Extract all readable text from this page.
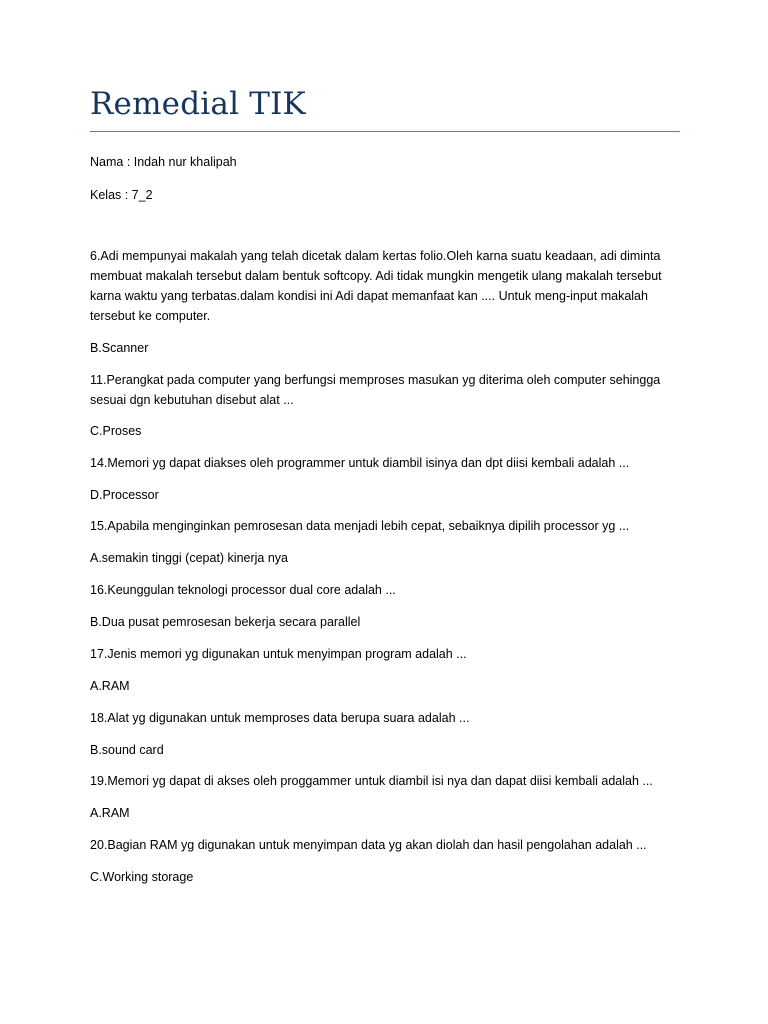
Remedial TIK

Nama : Indah nur khalipah

Kelas : 7_2

6.Adi mempunyai makalah yang telah dicetak dalam kertas folio.Oleh karna suatu keadaan, adi diminta membuat makalah tersebut dalam bentuk softcopy. Adi tidak mungkin mengetik ulang makalah tersebut karna waktu yang terbatas.dalam kondisi ini Adi dapat memanfaat kan .... Untuk meng-input makalah tersebut ke computer.

B.Scanner

11.Perangkat pada computer yang berfungsi memproses masukan yg diterima oleh computer sehingga sesuai dgn kebutuhan disebut alat ...

C.Proses

14.Memori yg dapat diakses oleh programmer untuk diambil isinya dan dpt diisi kembali adalah ...

D.Processor

15.Apabila menginginkan pemrosesan data menjadi lebih cepat, sebaiknya dipilih processor yg ...

A.semakin tinggi (cepat) kinerja nya

16.Keunggulan teknologi processor dual core adalah ...

B.Dua pusat pemrosesan bekerja secara parallel

17.Jenis memori yg digunakan untuk menyimpan program adalah ...

A.RAM

18.Alat yg digunakan untuk memproses data berupa suara adalah ...

B.sound card

19.Memori yg dapat di akses oleh proggammer untuk diambil isi nya dan dapat diisi kembali adalah ...

A.RAM

20.Bagian RAM yg digunakan untuk menyimpan data yg akan diolah dan hasil pengolahan adalah ...

C.Working storage
